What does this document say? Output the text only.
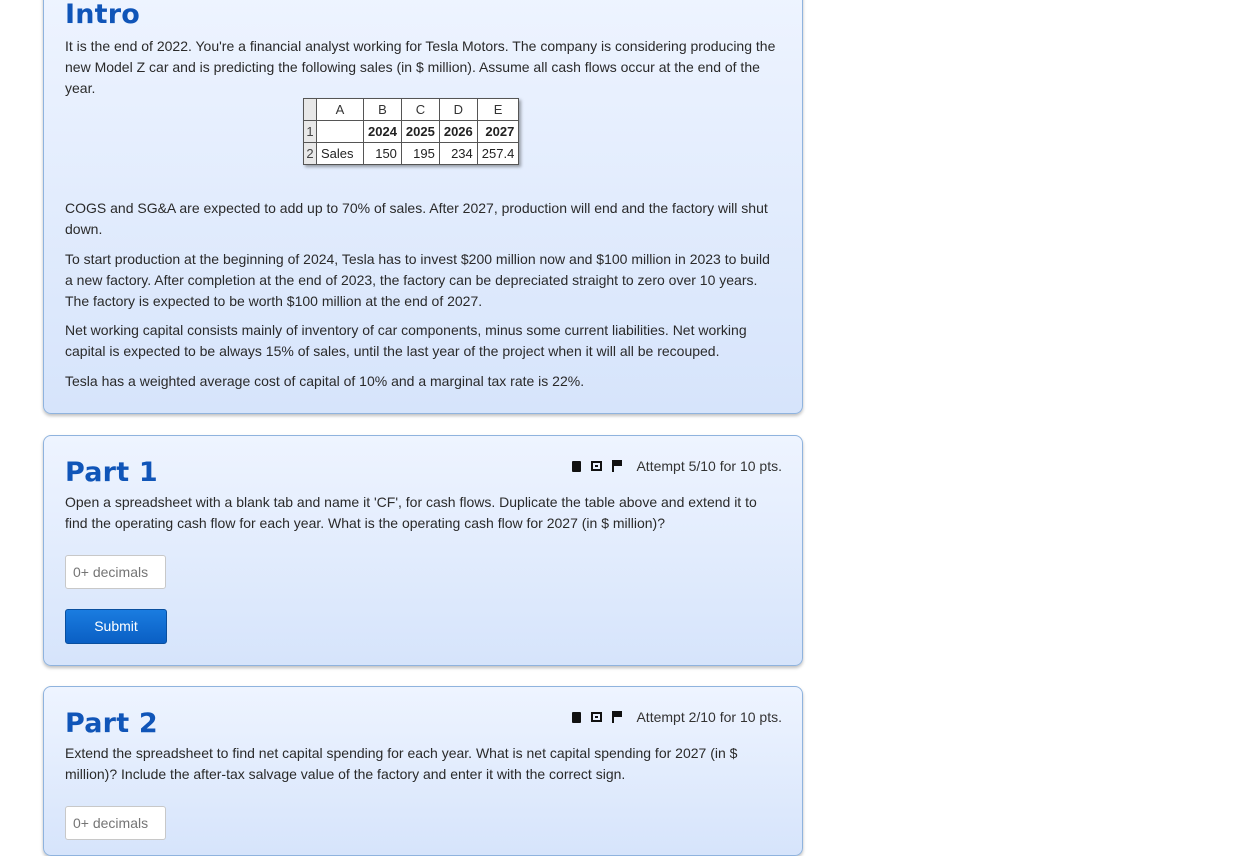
Intro

It is the end of 2022. You're a financial analyst working for Tesla Motors. The company is considering producing the new Model Z car and is predicting the following sales (in $ million). Assume all cash flows occur at the end of the year.

	A	B	C	D	E
1		2024	2025	2026	2027
2	Sales	150	195	234	257.4

COGS and SG&A are expected to add up to 70% of sales. After 2027, production will end and the factory will shut down.

To start production at the beginning of 2024, Tesla has to invest $200 million now and $100 million in 2023 to build a new factory. After completion at the end of 2023, the factory can be depreciated straight to zero over 10 years. The factory is expected to be worth $100 million at the end of 2027.

Net working capital consists mainly of inventory of car components, minus some current liabilities. Net working capital is expected to be always 15% of sales, until the last year of the project when it will all be recouped.

Tesla has a weighted average cost of capital of 10% and a marginal tax rate is 22%.

Part 1	Attempt 5/10 for 10 pts.

Open a spreadsheet with a blank tab and name it 'CF', for cash flows. Duplicate the table above and extend it to find the operating cash flow for each year. What is the operating cash flow for 2027 (in $ million)?

0+ decimals
Submit
Part 2	Attempt 2/10 for 10 pts.

Extend the spreadsheet to find net capital spending for each year. What is net capital spending for 2027 (in $ million)? Include the after-tax salvage value of the factory and enter it with the correct sign.

0+ decimals
